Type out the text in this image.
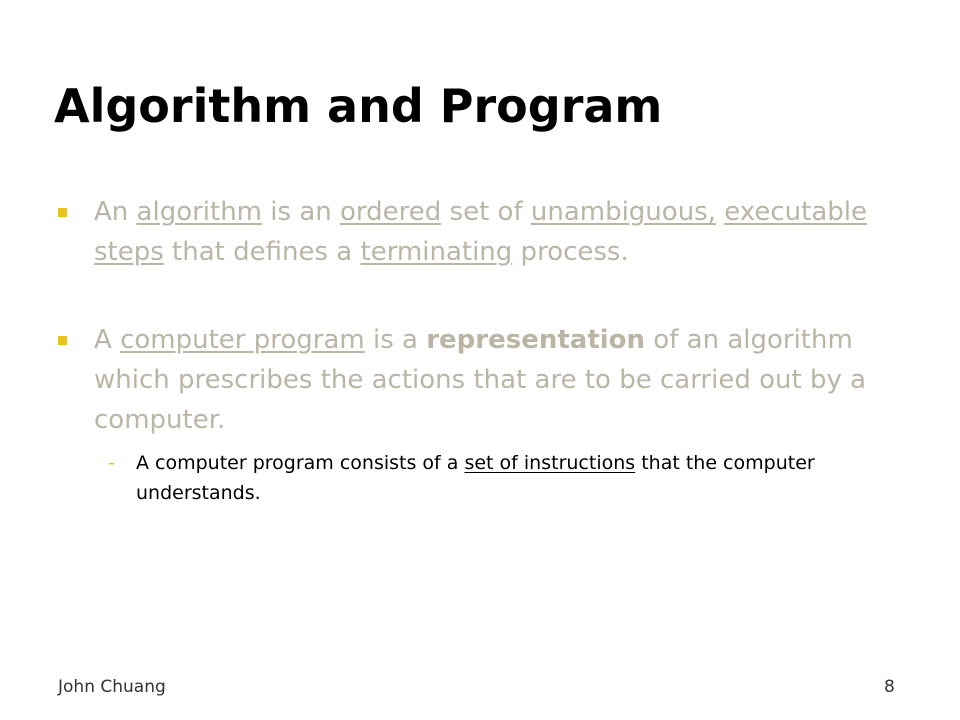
Algorithm and Program
An algorithm is an ordered set of unambiguous, executable steps that defines a terminating process.
A computer program is a representation of an algorithm which prescribes the actions that are to be carried out by a computer.
- A computer program consists of a set of instructions that the computer understands.
John Chuang	8
